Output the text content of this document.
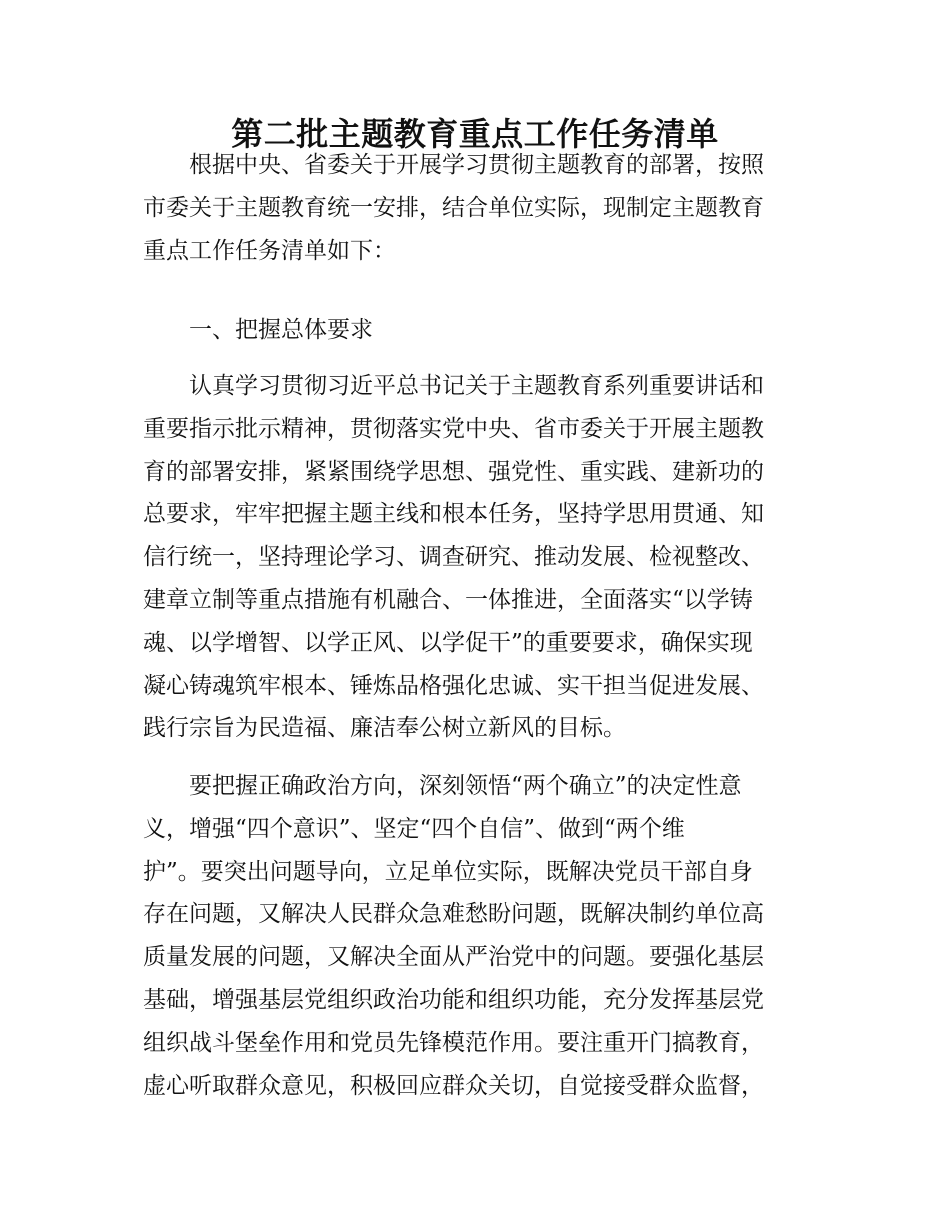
第二批主题教育重点工作任务清单
　　根据中央、省委关于开展学习贯彻主题教育的部署，按照
市委关于主题教育统一安排，结合单位实际，现制定主题教育
重点工作任务清单如下：
　　一、把握总体要求
　　认真学习贯彻习近平总书记关于主题教育系列重要讲话和
重要指示批示精神，贯彻落实党中央、省市委关于开展主题教
育的部署安排，紧紧围绕学思想、强党性、重实践、建新功的
总要求，牢牢把握主题主线和根本任务，坚持学思用贯通、知
信行统一，坚持理论学习、调查研究、推动发展、检视整改、
建章立制等重点措施有机融合、一体推进，全面落实“以学铸
魂、以学增智、以学正风、以学促干”的重要要求，确保实现
凝心铸魂筑牢根本、锤炼品格强化忠诚、实干担当促进发展、
践行宗旨为民造福、廉洁奉公树立新风的目标。
　　要把握正确政治方向，深刻领悟“两个确立”的决定性意
义，增强“四个意识”、坚定“四个自信”、做到“两个维
护”。要突出问题导向，立足单位实际，既解决党员干部自身
存在问题，又解决人民群众急难愁盼问题，既解决制约单位高
质量发展的问题，又解决全面从严治党中的问题。要强化基层
基础，增强基层党组织政治功能和组织功能，充分发挥基层党
组织战斗堡垒作用和党员先锋模范作用。要注重开门搞教育，
虚心听取群众意见，积极回应群众关切，自觉接受群众监督，
